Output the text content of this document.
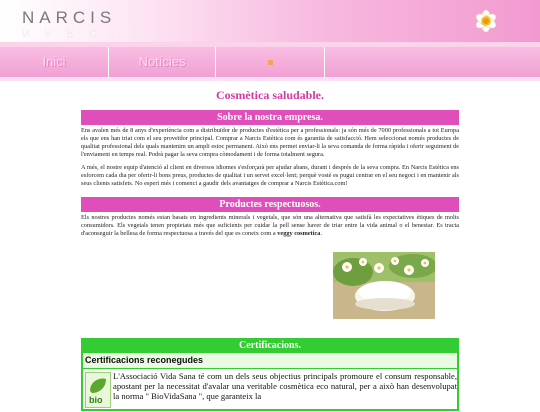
NARCIS
N A R C I S
Inici	Notícies
Cosmètica saludable.
Sobre la nostra empresa.

Ens avalen més de 8 anys d'experiència com a distribuïdor de productes d'estètica per a professionals: ja són més de 7000 professionals a tot Europa els que ens han triat com el seu proveïdor principal. Comprar a Narcis Estètica com és garantia de satisfacció. Hem seleccionat només productes de qualitat professional dels quals mantenim un ampli estoc permanent. Això ens permet enviar-li la seva comanda de forma ràpida i oferir seguiment de l'enviament en temps real. Podrà pagar la seva compra còmodament i de forma totalment segura.

A més, el nostre equip d'atenció al client en diversos idiomes s'esforçarà per ajudar abans, durant i després de la seva compra. En Narcis Estètica ens esforcem cada dia per oferir-li bons preus, productes de qualitat i un servei excel·lent; perquè vostè es pugui centrar en el seu negoci i en mantenir als seus clients satisfets. No esperi més i comenci a gaudir dels avantatges de comprar a Narcis Estètica.com!

Productes respectuosos.

Els nostres productes només estan basats en ingredients minerals i vegetals, que són una alternativa que satisfà les expectatives ètiques de molts consumidors. Els vegetals tenen propietats més que suficients per cuidar la pell sense haver de triar entre la vida animal o el benestar. Es tracta d'aconseguir la bellesa de forma respectuosa a través del que es coneix com a veggy cosmetica.

Certificacions.
Certificacions reconegudes
bio
L'Associació Vida Sana té com un dels seus objectius principals promoure el consum responsable, apostant per la necessitat d'avalar una veritable cosmètica eco natural, per a això han desenvolupat la norma " BioVidaSana ", que garanteix la
